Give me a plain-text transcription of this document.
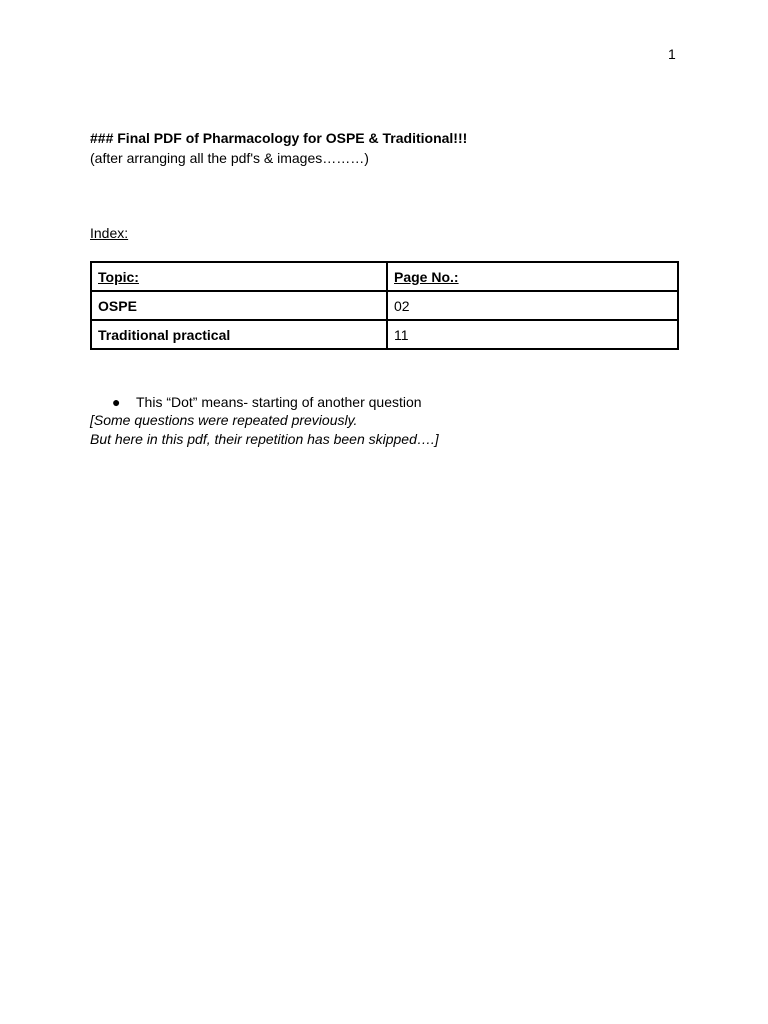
1
### Final PDF of Pharmacology for OSPE & Traditional!!!
(after arranging all the pdf's & images………)
Index:
Topic:	Page No.:
OSPE	02
Traditional practical	11
● This “Dot” means- starting of another question
[Some questions were repeated previously.
But here in this pdf, their repetition has been skipped….]
